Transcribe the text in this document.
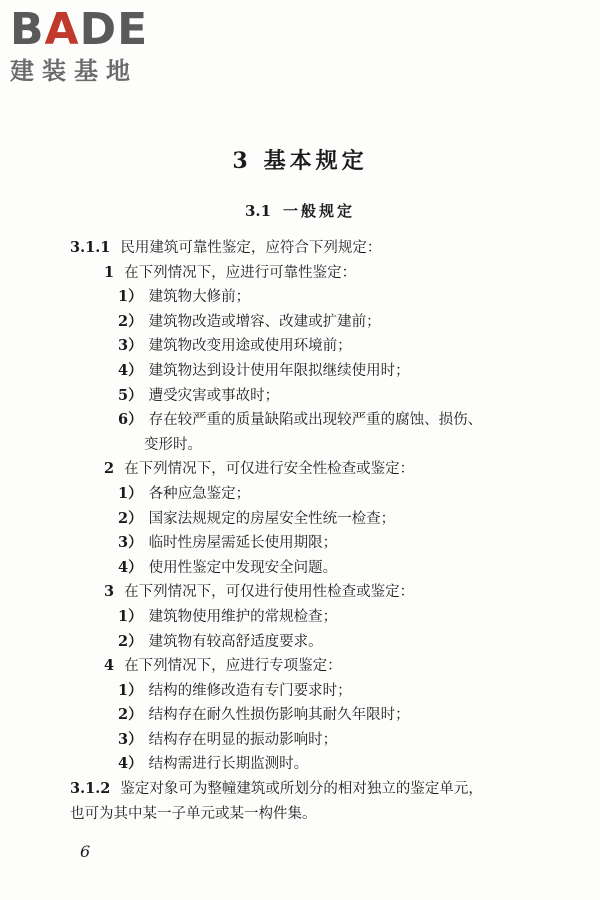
BADE
建装基地
3 基本规定
3.1 一般规定
3.1.1 民用建筑可靠性鉴定，应符合下列规定：
1 在下列情况下，应进行可靠性鉴定：
1） 建筑物大修前；
2） 建筑物改造或增容、改建或扩建前；
3） 建筑物改变用途或使用环境前；
4） 建筑物达到设计使用年限拟继续使用时；
5） 遭受灾害或事故时；
6） 存在较严重的质量缺陷或出现较严重的腐蚀、损伤、
变形时。
2 在下列情况下，可仅进行安全性检查或鉴定：
1） 各种应急鉴定；
2） 国家法规规定的房屋安全性统一检查；
3） 临时性房屋需延长使用期限；
4） 使用性鉴定中发现安全问题。
3 在下列情况下，可仅进行使用性检查或鉴定：
1） 建筑物使用维护的常规检查；
2） 建筑物有较高舒适度要求。
4 在下列情况下，应进行专项鉴定：
1） 结构的维修改造有专门要求时；
2） 结构存在耐久性损伤影响其耐久年限时；
3） 结构存在明显的振动影响时；
4） 结构需进行长期监测时。
3.1.2 鉴定对象可为整幢建筑或所划分的相对独立的鉴定单元，
也可为其中某一子单元或某一构件集。
6
